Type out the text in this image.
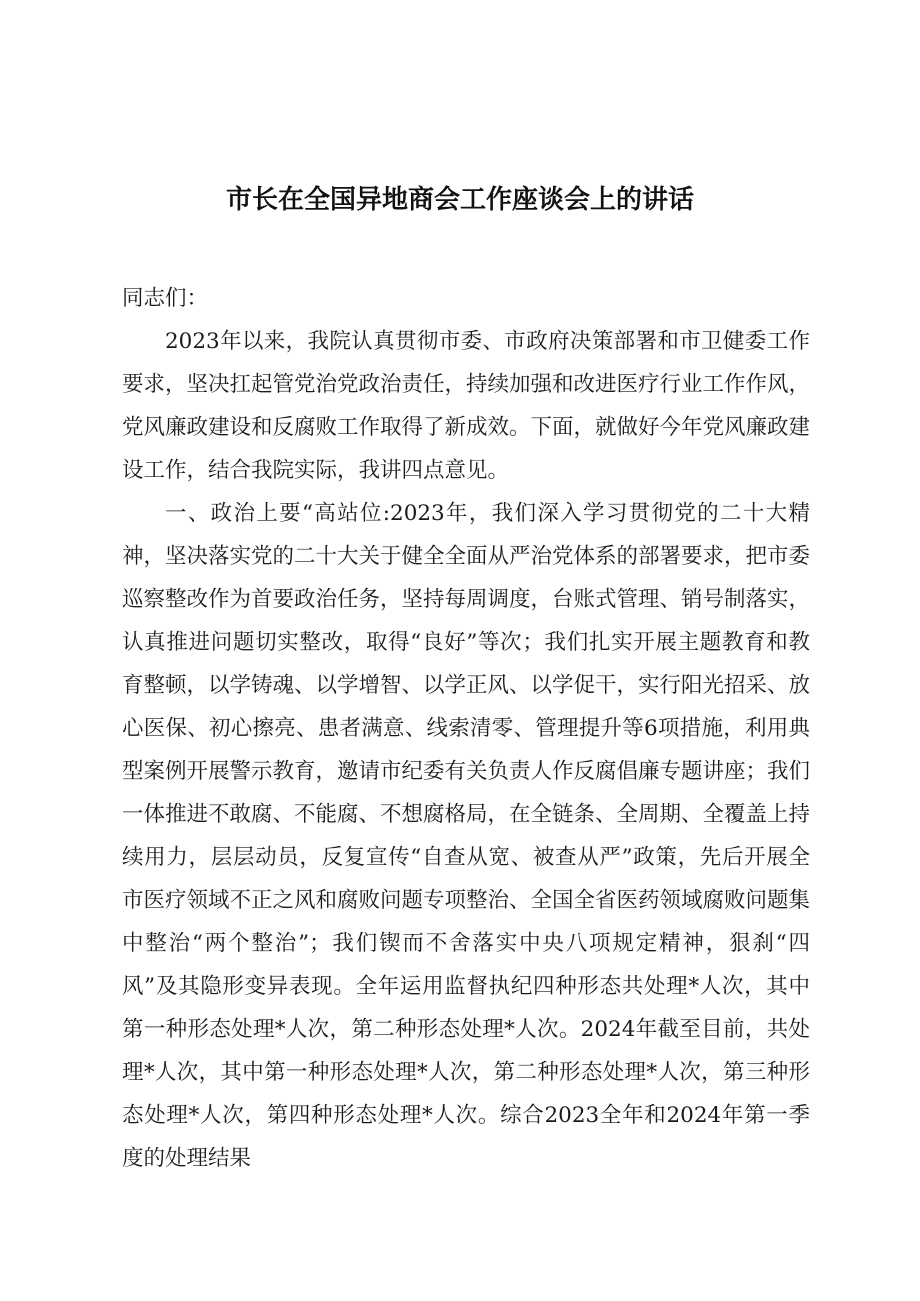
市长在全国异地商会工作座谈会上的讲话

同志们：

2023年以来，我院认真贯彻市委、市政府决策部署和市卫健委工作要求，坚决扛起管党治党政治责任，持续加强和改进医疗行业工作作风，党风廉政建设和反腐败工作取得了新成效。下面，就做好今年党风廉政建设工作，结合我院实际，我讲四点意见。

一、政治上要“高站位:2023年，我们深入学习贯彻党的二十大精神，坚决落实党的二十大关于健全全面从严治党体系的部署要求，把市委巡察整改作为首要政治任务，坚持每周调度，台账式管理、销号制落实，认真推进问题切实整改，取得“良好”等次；我们扎实开展主题教育和教育整顿，以学铸魂、以学增智、以学正风、以学促干，实行阳光招采、放心医保、初心擦亮、患者满意、线索清零、管理提升等6项措施，利用典型案例开展警示教育，邀请市纪委有关负责人作反腐倡廉专题讲座；我们一体推进不敢腐、不能腐、不想腐格局，在全链条、全周期、全覆盖上持续用力，层层动员，反复宣传“自查从宽、被查从严”政策，先后开展全市医疗领域不正之风和腐败问题专项整治、全国全省医药领域腐败问题集中整治“两个整治”；我们锲而不舍落实中央八项规定精神，狠刹“四风”及其隐形变异表现。全年运用监督执纪四种形态共处理*人次，其中第一种形态处理*人次，第二种形态处理*人次。2024年截至目前，共处理*人次，其中第一种形态处理*人次，第二种形态处理*人次，第三种形态处理*人次，第四种形态处理*人次。综合2023全年和2024年第一季度的处理结果
